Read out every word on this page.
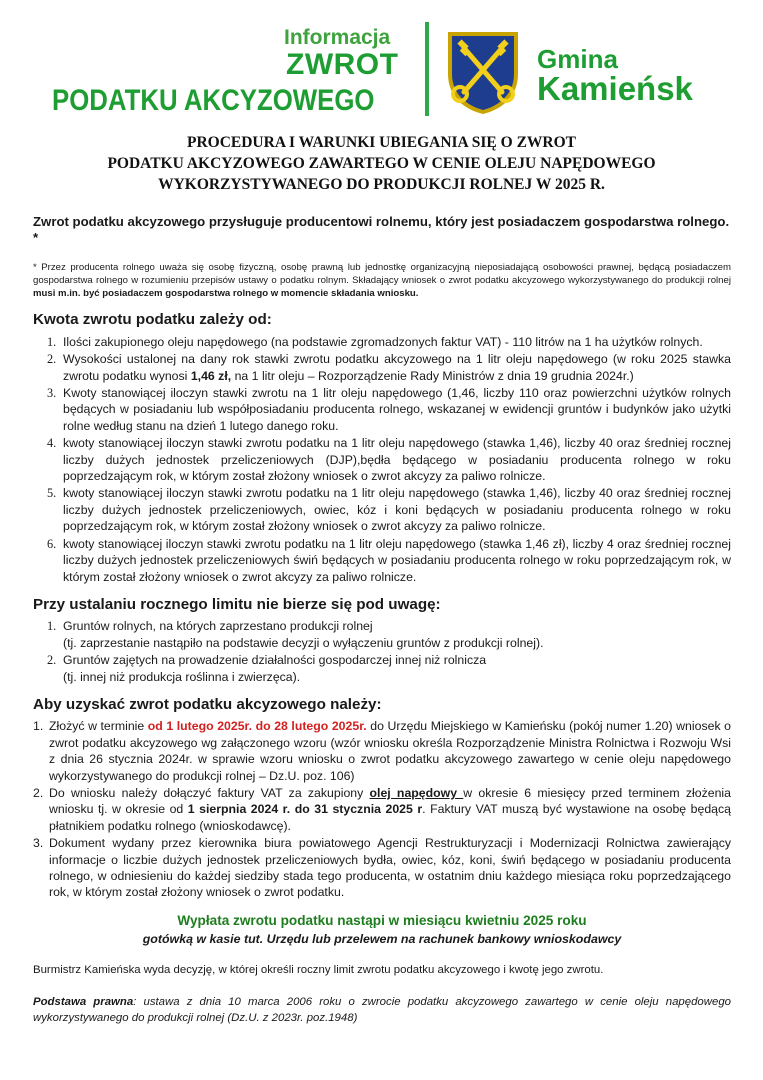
Informacja
ZWROT
PODATKU AKCYZOWEGO
Gmina
Kamieńsk
PROCEDURA I WARUNKI UBIEGANIA SIĘ O ZWROT
PODATKU AKCYZOWEGO ZAWARTEGO W CENIE OLEJU NAPĘDOWEGO
WYKORZYSTYWANEGO DO PRODUKCJI ROLNEJ W 2025 R.

Zwrot podatku akcyzowego przysługuje producentowi rolnemu, który jest posiadaczem gospodarstwa rolnego. *

* Przez producenta rolnego uważa się osobę fizyczną, osobę prawną lub jednostkę organizacyjną nieposiadającą osobowości prawnej, będącą posiadaczem gospodarstwa rolnego w rozumieniu przepisów ustawy o podatku rolnym. Składający wniosek o zwrot podatku akcyzowego wykorzystywanego do produkcji rolnej musi m.in. być posiadaczem gospodarstwa rolnego w momencie składania wniosku.

Kwota zwrotu podatku zależy od:
1. Ilości zakupionego oleju napędowego (na podstawie zgromadzonych faktur VAT) - 110 litrów na 1 ha użytków rolnych.
2. Wysokości ustalonej na dany rok stawki zwrotu podatku akcyzowego na 1 litr oleju napędowego (w roku 2025 stawka zwrotu podatku wynosi 1,46 zł, na 1 litr oleju – Rozporządzenie Rady Ministrów z dnia 19 grudnia 2024r.)
3. Kwoty stanowiącej iloczyn stawki zwrotu na 1 litr oleju napędowego (1,46, liczby 110 oraz powierzchni użytków rolnych będących w posiadaniu lub współposiadaniu producenta rolnego, wskazanej w ewidencji gruntów i budynków jako użytki rolne według stanu na dzień 1 lutego danego roku.
4. kwoty stanowiącej iloczyn stawki zwrotu podatku na 1 litr oleju napędowego (stawka 1,46), liczby 40 oraz średniej rocznej liczby dużych jednostek przeliczeniowych (DJP),będła będącego w posiadaniu producenta rolnego w roku poprzedzającym rok, w którym został złożony wniosek o zwrot akcyzy za paliwo rolnicze.
5. kwoty stanowiącej iloczyn stawki zwrotu podatku na 1 litr oleju napędowego (stawka 1,46), liczby 40 oraz średniej rocznej liczby dużych jednostek przeliczeniowych, owiec, kóz i koni będących w posiadaniu producenta rolnego w roku poprzedzającym rok, w którym został złożony wniosek o zwrot akcyzy za paliwo rolnicze.
6. kwoty stanowiącej iloczyn stawki zwrotu podatku na 1 litr oleju napędowego (stawka 1,46 zł), liczby 4 oraz średniej rocznej liczby dużych jednostek przeliczeniowych świń będących w posiadaniu producenta rolnego w roku poprzedzającym rok, w którym został złożony wniosek o zwrot akcyzy za paliwo rolnicze.
Przy ustalaniu rocznego limitu nie bierze się pod uwagę:
1. Gruntów rolnych, na których zaprzestano produkcji rolnej
(tj. zaprzestanie nastąpiło na podstawie decyzji o wyłączeniu gruntów z produkcji rolnej).
2. Gruntów zajętych na prowadzenie działalności gospodarczej innej niż rolnicza
(tj. innej niż produkcja roślinna i zwierzęca).
Aby uzyskać zwrot podatku akcyzowego należy:
1. Złożyć w terminie od 1 lutego 2025r. do 28 lutego 2025r. do Urzędu Miejskiego w Kamieńsku (pokój numer 1.20) wniosek o zwrot podatku akcyzowego wg załączonego wzoru (wzór wniosku określa Rozporządzenie Ministra Rolnictwa i Rozwoju Wsi z dnia 26 stycznia 2024r. w sprawie wzoru wniosku o zwrot podatku akcyzowego zawartego w cenie oleju napędowego wykorzystywanego do produkcji rolnej – Dz.U. poz. 106)
2. Do wniosku należy dołączyć faktury VAT za zakupiony olej napędowy w okresie 6 miesięcy przed terminem złożenia wniosku tj. w okresie od 1 sierpnia 2024 r. do 31 stycznia 2025 r. Faktury VAT muszą być wystawione na osobę będącą płatnikiem podatku rolnego (wnioskodawcę).
3. Dokument wydany przez kierownika biura powiatowego Agencji Restrukturyzacji i Modernizacji Rolnictwa zawierający informacje o liczbie dużych jednostek przeliczeniowych bydła, owiec, kóz, koni, świń będącego w posiadaniu producenta rolnego, w odniesieniu do każdej siedziby stada tego producenta, w ostatnim dniu każdego miesiąca roku poprzedzającego rok, w którym został złożony wniosek o zwrot podatku.

Wypłata zwrotu podatku nastąpi w miesiącu kwietniu 2025 roku

gotówką w kasie tut. Urzędu lub przelewem na rachunek bankowy wnioskodawcy

Burmistrz Kamieńska wyda decyzję, w której określi roczny limit zwrotu podatku akcyzowego i kwotę jego zwrotu.

Podstawa prawna: ustawa z dnia 10 marca 2006 roku o zwrocie podatku akcyzowego zawartego w cenie oleju napędowego wykorzystywanego do produkcji rolnej (Dz.U. z 2023r. poz.1948)
